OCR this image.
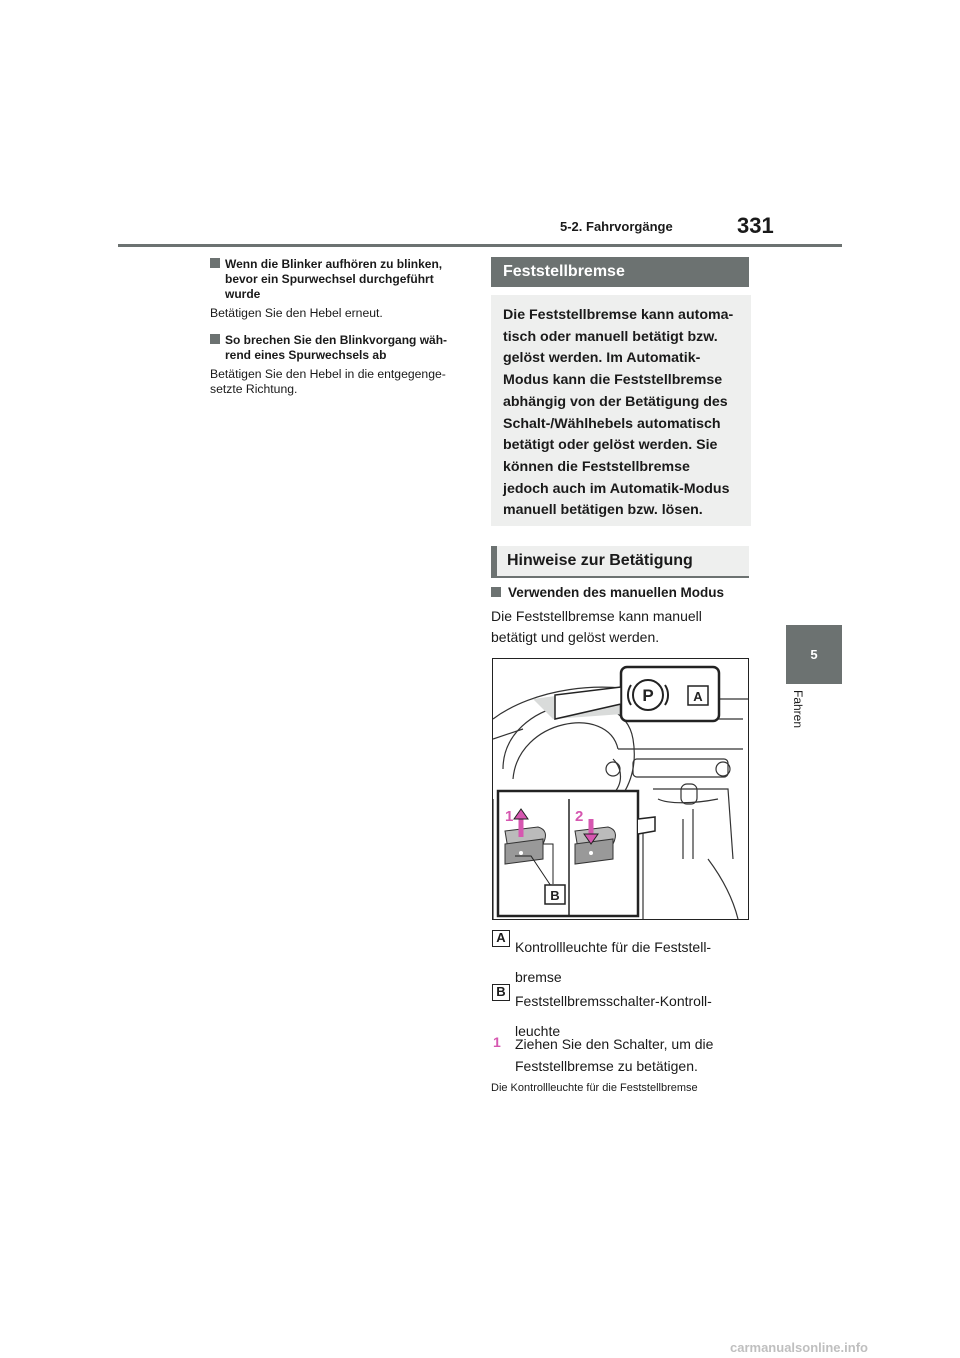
5-2. Fahrvorgänge	331
5
Fahren
Wenn die Blinker aufhören zu blinken,
bevor ein Spurwechsel durchgeführt
wurde
Betätigen Sie den Hebel erneut.
So brechen Sie den Blinkvorgang wäh-
rend eines Spurwechsels ab
Betätigen Sie den Hebel in die entgegenge-
setzte Richtung.
Feststellbremse
Die Feststellbremse kann automa-
tisch oder manuell betätigt bzw.
gelöst werden. Im Automatik-
Modus kann die Feststellbremse
abhängig von der Betätigung des
Schalt-/Wählhebels automatisch
betätigt oder gelöst werden. Sie
können die Feststellbremse
jedoch auch im Automatik-Modus
manuell betätigen bzw. lösen.
Hinweise zur Betätigung
Verwenden des manuellen Modus
Die Feststellbremse kann manuell
betätigt und gelöst werden.
A
P
B
1	2
A
Kontrollleuchte für die Feststell-
bremse
B
Feststellbremsschalter-Kontroll-
leuchte
1 Ziehen Sie den Schalter, um die
Feststellbremse zu betätigen.
Die Kontrollleuchte für die Feststellbremse
carmanualsonline.info
